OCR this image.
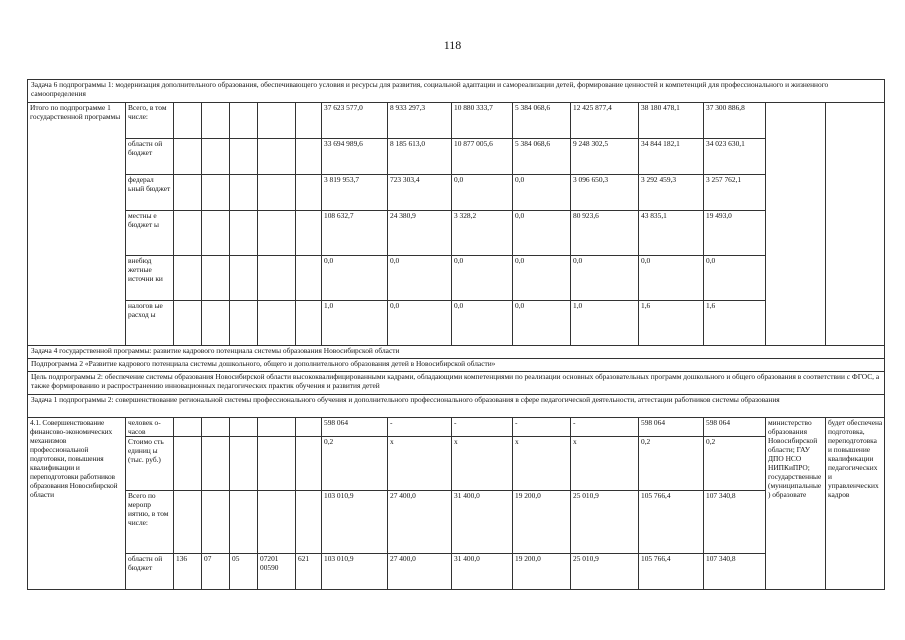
118
Задача 6 подпрограммы 1: модернизация дополнительного образования, обеспечивающего условия и ресурсы для развития, социальной адаптации и самореализации детей, формирование ценностей и компетенций для профессионального и жизненного самоопределения															
Итого по подпрограмме 1 государственной программы	Всего, в том числе:						37 623 577,0	8 933 297,3	10 880 333,7	5 384 068,6	12 425 877,4	38 180 478,1	37 300 886,8		
	областн ой бюджет						33 694 989,6	8 185 613,0	10 877 005,6	5 384 068,6	9 248 302,5	34 844 182,1	34 023 630,1		
	федерал ьный бюджет						3 819 953,7	723 303,4	0,0	0,0	3 096 650,3	3 292 459,3	3 257 762,1		
	местны е бюджет ы						108 632,7	24 380,9	3 328,2	0,0	80 923,6	43 835,1	19 493,0		
	внебюд жетные источни ки						0,0	0,0	0,0	0,0	0,0	0,0	0,0		
	налогов ые расход ы						1,0	0,0	0,0	0,0	1,0	1,6	1,6		
Задача 4 государственной программы: развитие кадрового потенциала системы образования Новосибирской области															
Подпрограмма 2 «Развитие кадрового потенциала системы дошкольного, общего и дополнительного образования детей в Новосибирской области»															
Цель подпрограммы 2: обеспечение системы образования Новосибирской области высококвалифицированными кадрами, обладающими компетенциями по реализации основных образовательных программ дошкольного и общего образования в соответствии с ФГОС, а также формированию и распространению инновационных педагогических практик обучения и развития детей															
Задача 1 подпрограммы 2: совершенствование региональной системы профессионального обучения и дополнительного профессионального образования в сфере педагогической деятельности, аттестации работников системы образования															
4.1. Совершенствование финансово-экономических механизмов профессиональной подготовки, повышения квалификации и переподготовки работников образования Новосибирской области	человек о-часов						598 064	-	-	-	-	598 064	598 064	министерство образования Новосибирской области; ГАУ ДПО НСО НИПКиПРО; государственные (муниципальные) образовате	будет обеспечена подготовка, переподготовка и повышение квалификации педагогических и управленческих кадров
	Стоимо сть единиц ы (тыс. руб.)						0,2	х	х	х	х	0,2	0,2		
	Всего по меропр иятию, в том числе:						103 010,9	27 400,0	31 400,0	19 200,0	25 010,9	105 766,4	107 340,8		
	областн ой бюджет	136	07	05	07201 00590	621	103 010,9	27 400,0	31 400,0	19 200,0	25 010,9	105 766,4	107 340,8		
